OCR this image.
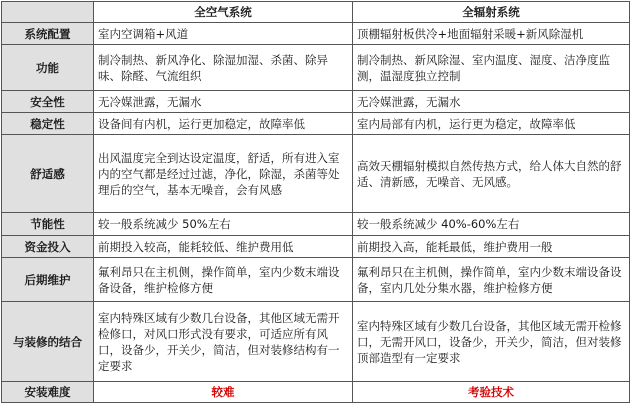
	全空气系统	全辐射系统
系统配置	室内空调箱+风道	顶棚辐射板供冷+地面辐射采暖+新风除湿机
功能	制冷制热、新风净化、除湿加湿、杀菌、除异味、除醛、气流组织	制冷制热、新风除湿、室内温度、湿度、洁净度监测，温湿度独立控制
安全性	无冷媒泄露，无漏水	无冷媒泄露，无漏水
稳定性	设备间有内机，运行更加稳定，故障率低	室内局部有内机，运行更为稳定，故障率低
舒适感	出风温度完全到达设定温度，舒适，所有进入室内的空气都是经过过滤，净化，除湿，杀菌等处理后的空气，基本无噪音，会有风感	高效天棚辐射模拟自然传热方式，给人体大自然的舒适、清新感，无噪音、无风感。
节能性	较一般系统减少 50%左右	较一般系统减少 40%-60%左右
资金投入	前期投入较高，能耗较低、维护费用低	前期投入高，能耗最低，维护费用一般
后期维护	氟利昂只在主机侧，操作简单，室内少数末端设备设备，维护检修方便	氟利昂只在主机侧，操作简单，室内少数末端设备设备，室内几处分集水器，维护检修方便
与装修的结合	室内特殊区域有少数几台设备，其他区域无需开检修口，对风口形式没有要求，可适应所有风口，设备少，开关少，简洁，但对装修结构有一定要求	室内特殊区域有少数几台设备，其他区域无需开检修口，无需开风口，设备少，开关少，简洁，但对装修顶部造型有一定要求
安装难度	较难	考验技术
